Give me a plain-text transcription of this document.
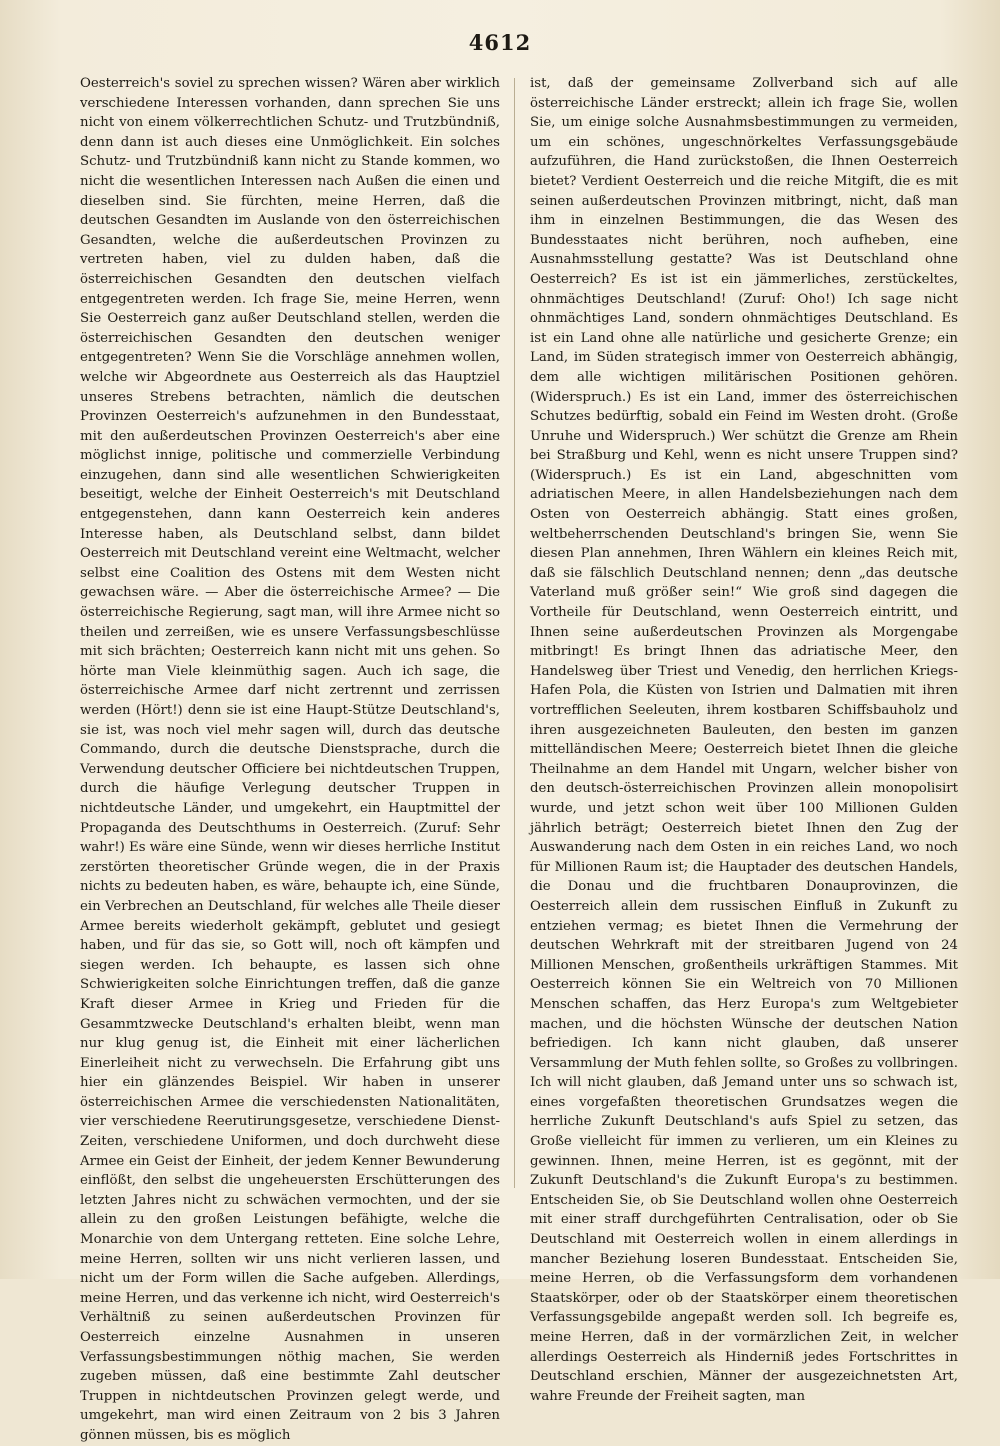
4612

Oesterreich's soviel zu sprechen wissen? Wären aber wirklich verschiedene Interessen vorhanden, dann sprechen Sie uns nicht von einem völkerrechtlichen Schutz- und Trutzbündniß, denn dann ist auch dieses eine Unmöglichkeit. Ein solches Schutz- und Trutzbündniß kann nicht zu Stande kommen, wo nicht die wesentlichen Interessen nach Außen die einen und dieselben sind. Sie fürchten, meine Herren, daß die deutschen Gesandten im Auslande von den österreichischen Gesandten, welche die außerdeutschen Provinzen zu vertreten haben, viel zu dulden haben, daß die österreichischen Gesandten den deutschen vielfach entgegentreten werden. Ich frage Sie, meine Herren, wenn Sie Oesterreich ganz außer Deutschland stellen, werden die österreichischen Gesandten den deutschen weniger entgegentreten? Wenn Sie die Vorschläge annehmen wollen, welche wir Abgeordnete aus Oesterreich als das Hauptziel unseres Strebens betrachten, nämlich die deutschen Provinzen Oesterreich's aufzunehmen in den Bundesstaat, mit den außerdeutschen Provinzen Oesterreich's aber eine möglichst innige, politische und commerzielle Verbindung einzugehen, dann sind alle wesentlichen Schwierigkeiten beseitigt, welche der Einheit Oesterreich's mit Deutschland entgegenstehen, dann kann Oesterreich kein anderes Interesse haben, als Deutschland selbst, dann bildet Oesterreich mit Deutschland vereint eine Weltmacht, welcher selbst eine Coalition des Ostens mit dem Westen nicht gewachsen wäre. — Aber die österreichische Armee? — Die österreichische Regierung, sagt man, will ihre Armee nicht so theilen und zerreißen, wie es unsere Verfassungsbeschlüsse mit sich brächten; Oesterreich kann nicht mit uns gehen. So hörte man Viele kleinmüthig sagen. Auch ich sage, die österreichische Armee darf nicht zertrennt und zerrissen werden (Hört!) denn sie ist eine Haupt-Stütze Deutschland's, sie ist, was noch viel mehr sagen will, durch das deutsche Commando, durch die deutsche Dienstsprache, durch die Verwendung deutscher Officiere bei nichtdeutschen Truppen, durch die häufige Verlegung deutscher Truppen in nichtdeutsche Länder, und umgekehrt, ein Hauptmittel der Propaganda des Deutschthums in Oesterreich. (Zuruf: Sehr wahr!) Es wäre eine Sünde, wenn wir dieses herrliche Institut zerstörten theoretischer Gründe wegen, die in der Praxis nichts zu bedeuten haben, es wäre, behaupte ich, eine Sünde, ein Verbrechen an Deutschland, für welches alle Theile dieser Armee bereits wiederholt gekämpft, geblutet und gesiegt haben, und für das sie, so Gott will, noch oft kämpfen und siegen werden. Ich behaupte, es lassen sich ohne Schwierigkeiten solche Einrichtungen treffen, daß die ganze Kraft dieser Armee in Krieg und Frieden für die Gesammtzwecke Deutschland's erhalten bleibt, wenn man nur klug genug ist, die Einheit mit einer lächerlichen Einerleiheit nicht zu verwechseln. Die Erfahrung gibt uns hier ein glänzendes Beispiel. Wir haben in unserer österreichischen Armee die verschiedensten Nationalitäten, vier verschiedene Reerutirungsgesetze, verschiedene Dienst-Zeiten, verschiedene Uniformen, und doch durchweht diese Armee ein Geist der Einheit, der jedem Kenner Bewunderung einflößt, den selbst die ungeheuersten Erschütterungen des letzten Jahres nicht zu schwächen vermochten, und der sie allein zu den großen Leistungen befähigte, welche die Monarchie von dem Untergang retteten. Eine solche Lehre, meine Herren, sollten wir uns nicht verlieren lassen, und nicht um der Form willen die Sache aufgeben. Allerdings, meine Herren, und das verkenne ich nicht, wird Oesterreich's Verhältniß zu seinen außerdeutschen Provinzen für Oesterreich einzelne Ausnahmen in unseren Verfassungsbestimmungen nöthig machen, Sie werden zugeben müssen, daß eine bestimmte Zahl deutscher Truppen in nichtdeutschen Provinzen gelegt werde, und umgekehrt, man wird einen Zeitraum von 2 bis 3 Jahren gönnen müssen, bis es möglich

ist, daß der gemeinsame Zollverband sich auf alle österreichische Länder erstreckt; allein ich frage Sie, wollen Sie, um einige solche Ausnahmsbestimmungen zu vermeiden, um ein schönes, ungeschnörkeltes Verfassungsgebäude aufzuführen, die Hand zurückstoßen, die Ihnen Oesterreich bietet? Verdient Oesterreich und die reiche Mitgift, die es mit seinen außerdeutschen Provinzen mitbringt, nicht, daß man ihm in einzelnen Bestimmungen, die das Wesen des Bundesstaates nicht berühren, noch aufheben, eine Ausnahmsstellung gestatte? Was ist Deutschland ohne Oesterreich? Es ist ist ein jämmerliches, zerstückeltes, ohnmächtiges Deutschland! (Zuruf: Oho!) Ich sage nicht ohnmächtiges Land, sondern ohnmächtiges Deutschland. Es ist ein Land ohne alle natürliche und gesicherte Grenze; ein Land, im Süden strategisch immer von Oesterreich abhängig, dem alle wichtigen militärischen Positionen gehören. (Widerspruch.) Es ist ein Land, immer des österreichischen Schutzes bedürftig, sobald ein Feind im Westen droht. (Große Unruhe und Widerspruch.) Wer schützt die Grenze am Rhein bei Straßburg und Kehl, wenn es nicht unsere Truppen sind? (Widerspruch.) Es ist ein Land, abgeschnitten vom adriatischen Meere, in allen Handelsbeziehungen nach dem Osten von Oesterreich abhängig. Statt eines großen, weltbeherrschenden Deutschland's bringen Sie, wenn Sie diesen Plan annehmen, Ihren Wählern ein kleines Reich mit, daß sie fälschlich Deutschland nennen; denn „das deutsche Vaterland muß größer sein!“ Wie groß sind dagegen die Vortheile für Deutschland, wenn Oesterreich eintritt, und Ihnen seine außerdeutschen Provinzen als Morgengabe mitbringt! Es bringt Ihnen das adriatische Meer, den Handelsweg über Triest und Venedig, den herrlichen Kriegs-Hafen Pola, die Küsten von Istrien und Dalmatien mit ihren vortrefflichen Seeleuten, ihrem kostbaren Schiffsbauholz und ihren ausgezeichneten Bauleuten, den besten im ganzen mittelländischen Meere; Oesterreich bietet Ihnen die gleiche Theilnahme an dem Handel mit Ungarn, welcher bisher von den deutsch-österreichischen Provinzen allein monopolisirt wurde, und jetzt schon weit über 100 Millionen Gulden jährlich beträgt; Oesterreich bietet Ihnen den Zug der Auswanderung nach dem Osten in ein reiches Land, wo noch für Millionen Raum ist; die Hauptader des deutschen Handels, die Donau und die fruchtbaren Donauprovinzen, die Oesterreich allein dem russischen Einfluß in Zukunft zu entziehen vermag; es bietet Ihnen die Vermehrung der deutschen Wehrkraft mit der streitbaren Jugend von 24 Millionen Menschen, großentheils urkräftigen Stammes. Mit Oesterreich können Sie ein Weltreich von 70 Millionen Menschen schaffen, das Herz Europa's zum Weltgebieter machen, und die höchsten Wünsche der deutschen Nation befriedigen. Ich kann nicht glauben, daß unserer Versammlung der Muth fehlen sollte, so Großes zu vollbringen. Ich will nicht glauben, daß Jemand unter uns so schwach ist, eines vorgefaßten theoretischen Grundsatzes wegen die herrliche Zukunft Deutschland's aufs Spiel zu setzen, das Große vielleicht für immen zu verlieren, um ein Kleines zu gewinnen. Ihnen, meine Herren, ist es gegönnt, mit der Zukunft Deutschland's die Zukunft Europa's zu bestimmen. Entscheiden Sie, ob Sie Deutschland wollen ohne Oesterreich mit einer straff durchgeführten Centralisation, oder ob Sie Deutschland mit Oesterreich wollen in einem allerdings in mancher Beziehung loseren Bundesstaat. Entscheiden Sie, meine Herren, ob die Verfassungsform dem vorhandenen Staatskörper, oder ob der Staatskörper einem theoretischen Verfassungsgebilde angepaßt werden soll. Ich begreife es, meine Herren, daß in der vormärzlichen Zeit, in welcher allerdings Oesterreich als Hinderniß jedes Fortschrittes in Deutschland erschien, Männer der ausgezeichnetsten Art, wahre Freunde der Freiheit sagten, man
